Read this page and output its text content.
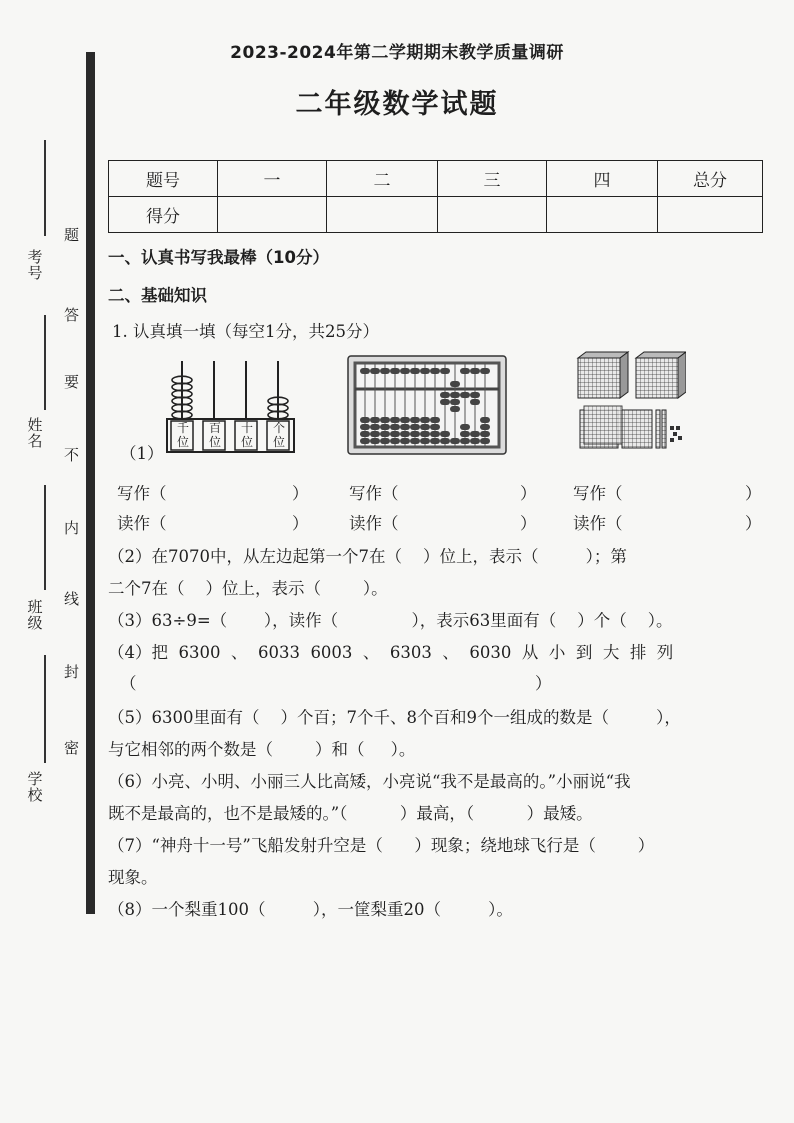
考
号
姓
名
班
级
学
校
题
答
要
不
内
线
封
密
2023-2024年第二学期期末教学质量调研
二年级数学试题
题号	一	二	三	四	总分
得分					
一、认真书写我最棒（10分）
二、基础知识
1. 认真填一填（每空1分，共25分）
（1）
千位
百位
十位
个位
写作（	） 写作（	） 写作（	）
读作（	） 读作（	） 读作（	）
（2）在7070中，从左边起第一个7在（    ）位上，表示（         ）；第
二个7在（    ）位上，表示（        ）。
（3）63÷9=（       ），读作（              ），表示63里面有（    ）个（    ）。
（4）把  6300  、  6033  6003  、  6303  、  6030  从  小  到  大  排  列
（	）
（5）6300里面有（    ）个百；7个千、8个百和9个一组成的数是（         ），
与它相邻的两个数是（        ）和（     ）。
（6）小亮、小明、小丽三人比高矮，小亮说“我不是最高的。”小丽说“我
既不是最高的，也不是最矮的。”（          ）最高，（          ）最矮。
（7）“神舟十一号”飞船发射升空是（      ）现象；绕地球飞行是（        ）
现象。
（8）一个梨重100（         ），一筐梨重20（         ）。
